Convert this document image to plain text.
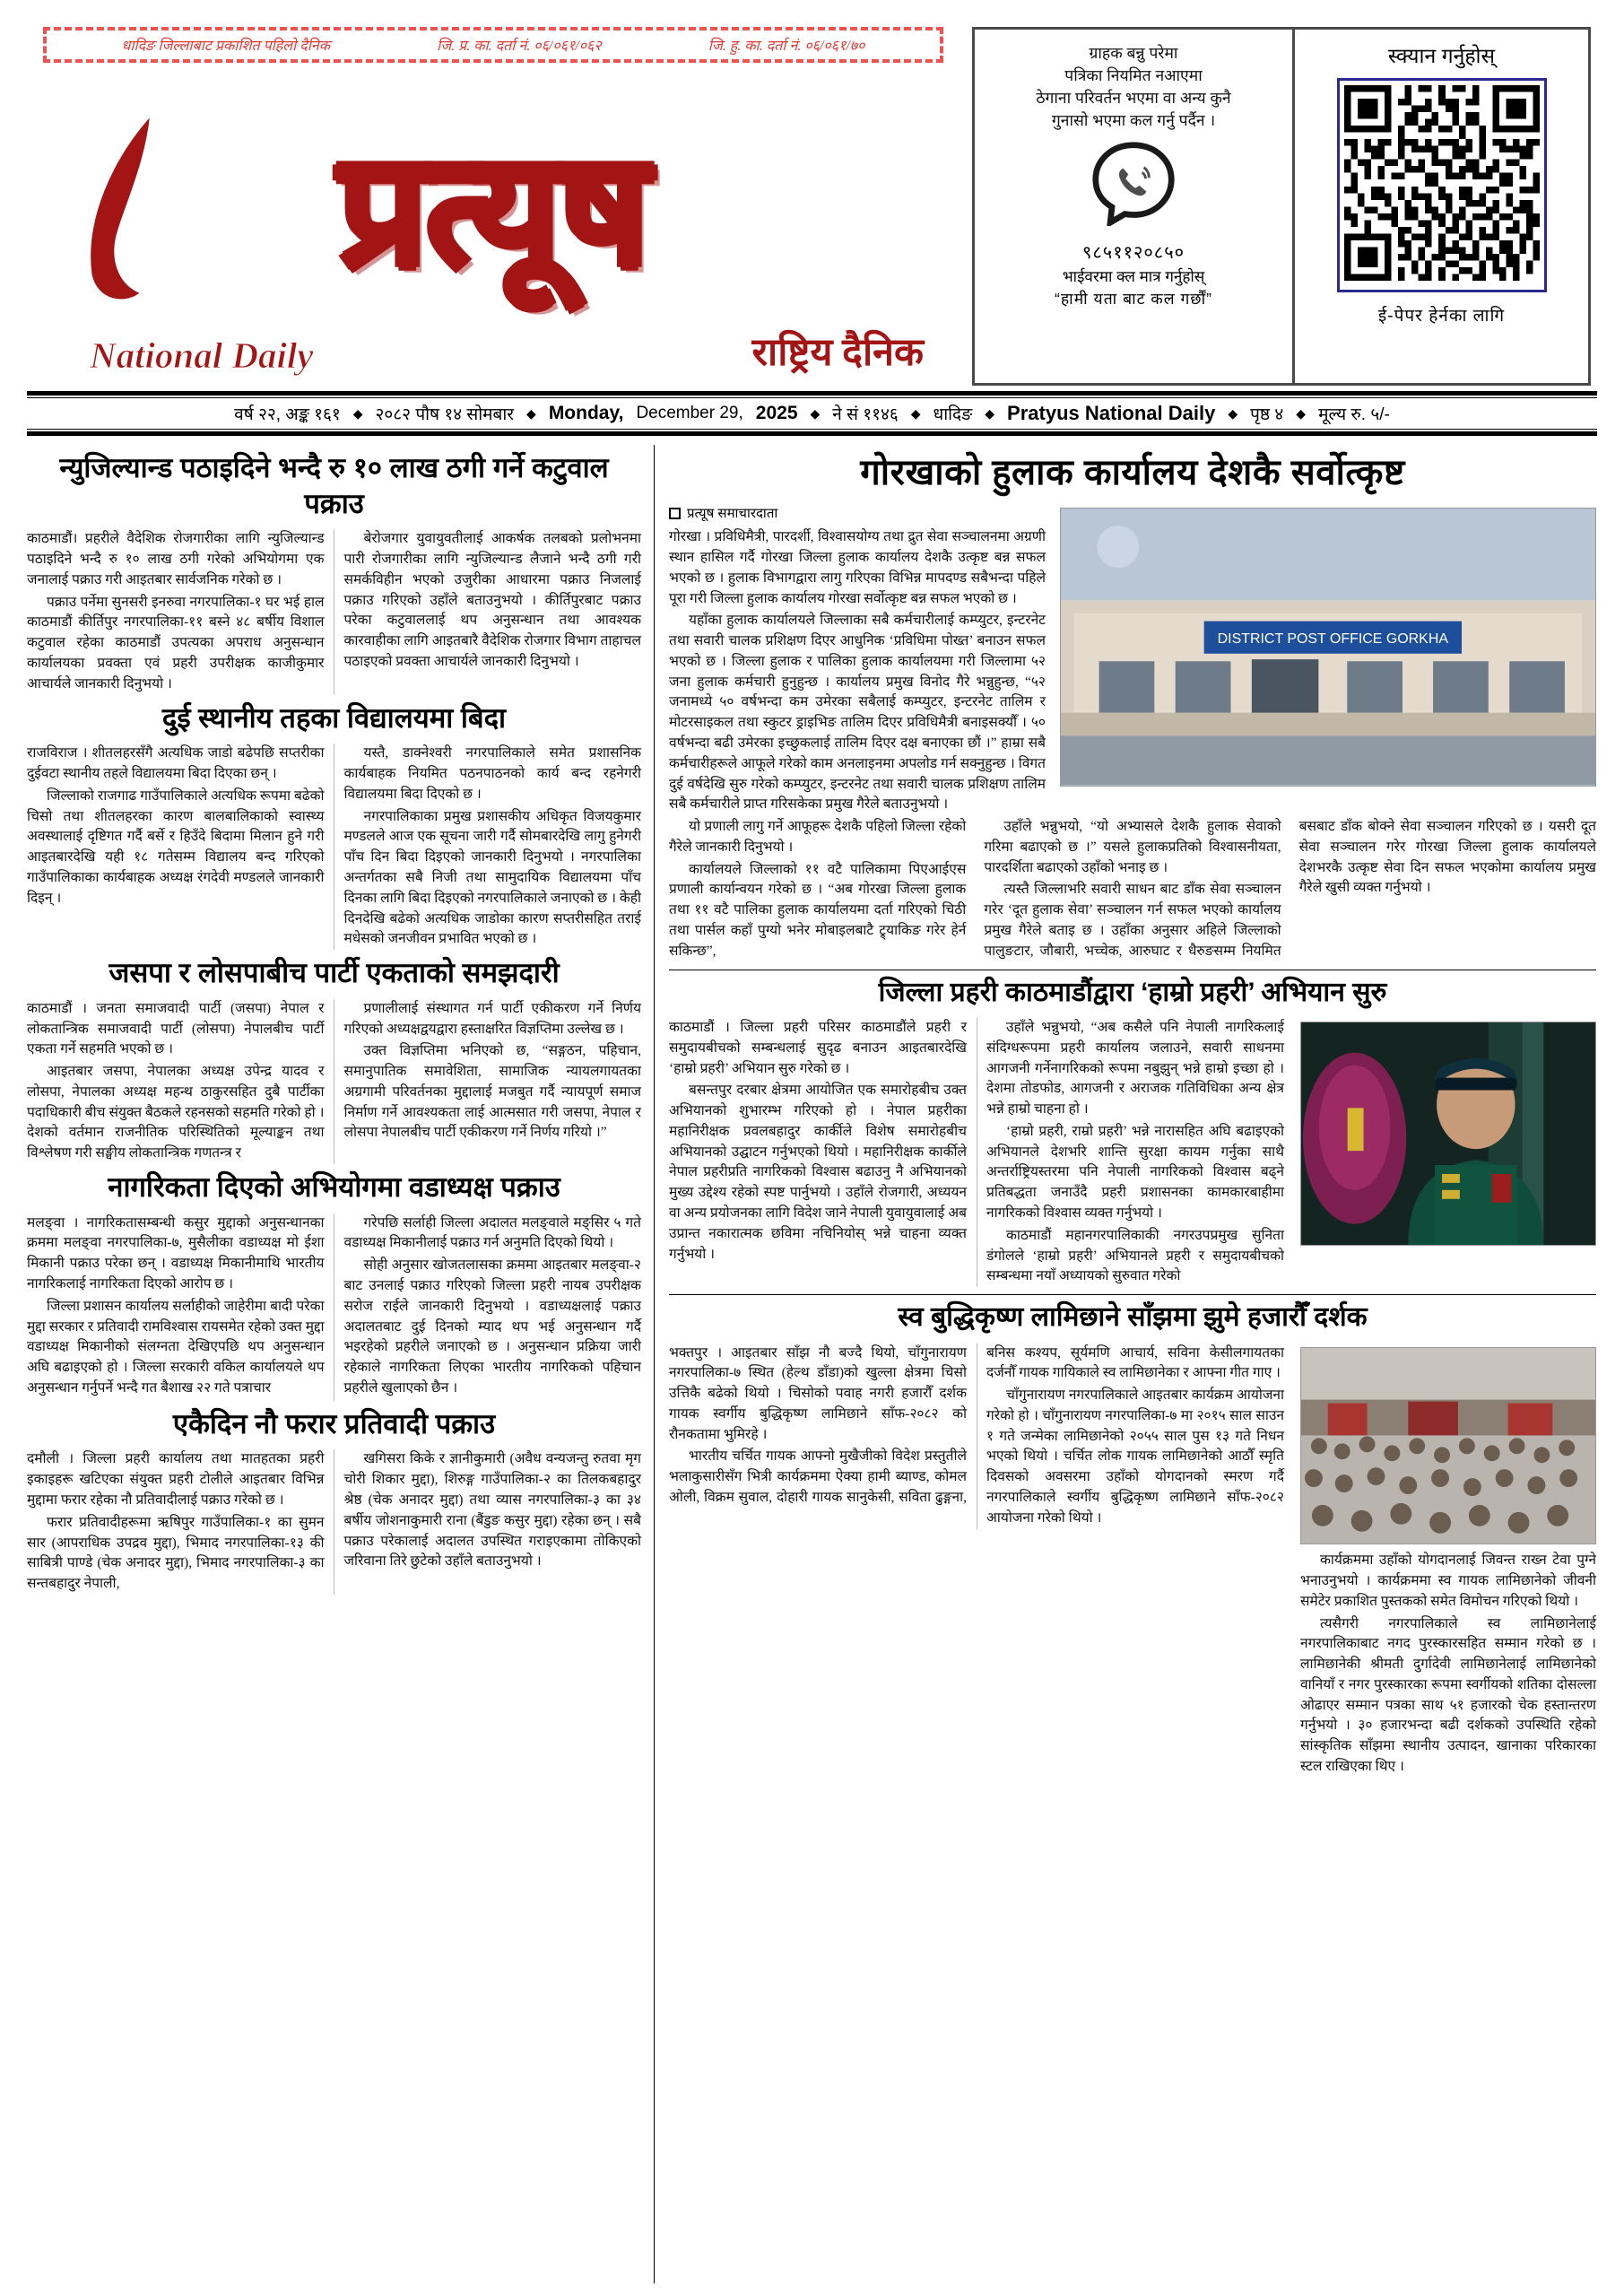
धादिङ जिल्लाबाट प्रकाशित पहिलो दैनिक	जि. प्र. का. दर्ता नं. ०६/०६१/०६२	जि. हु. का. दर्ता नं. ०६/०६१/७०
प्रत्यूष
National Daily	राष्ट्रिय दैनिक
ग्राहक बन्नु परेमा
पत्रिका नियमित नआएमा
ठेगाना परिवर्तन भएमा वा अन्य कुनै
गुनासो भएमा कल गर्नु पर्दैन ।
९८५११२०८५०
भाईवरमा क्ल मात्र गर्नुहोस्
“हामी यता बाट कल गर्छौं”
स्क्यान गर्नुहोस्
ई-पेपर हेर्नका लागि
वर्ष २२, अङ्क १६१ ◆ २०८२ पौष १४ सोमबार ◆ Monday, December 29, 2025 ◆ ने सं ११४६ ◆ धादिङ ◆ Pratyus National Daily ◆ पृष्ठ ४ ◆ मूल्य रु. ५/-
न्युजिल्यान्ड पठाइदिने भन्दै रु १० लाख ठगी गर्ने कटुवाल पक्राउ

काठमाडौं। प्रहरीले वैदेशिक रोजगारीका लागि न्युजिल्यान्ड पठाइदिने भन्दै रु १० लाख ठगी गरेको अभियोगमा एक जनालाई पक्राउ गरी आइतबार सार्वजनिक गरेको छ ।

पक्राउ पर्नेमा सुनसरी इनरुवा नगरपालिका-१ घर भई हाल काठमाडौं कीर्तिपुर नगरपालिका-११ बस्ने ४८ बर्षीय विशाल कटुवाल रहेका काठमाडौं उपत्यका अपराध अनुसन्धान कार्यालयका प्रवक्ता एवं प्रहरी उपरीक्षक काजीकुमार आचार्यले जानकारी दिनुभयो ।

बेरोजगार युवायुवतीलाई आकर्षक तलबको प्रलोभनमा पारी रोजगारीका लागि न्युजिल्यान्ड लैजाने भन्दै ठगी गरी समर्कविहीन भएको उजुरीका आधारमा पक्राउ निजलाई पक्राउ गरिएको उहाँले बताउनुभयो । कीर्तिपुरबाट पक्राउ परेका कटुवाललाई थप अनुसन्धान तथा आवश्यक कारवाहीका लागि आइतबारै वैदेशिक रोजगार विभाग ताहाचल पठाइएको प्रवक्ता आचार्यले जानकारी दिनुभयो ।

दुई स्थानीय तहका विद्यालयमा बिदा

राजविराज । शीतलहरसँगै अत्यधिक जाडो बढेपछि सप्तरीका दुईवटा स्थानीय तहले विद्यालयमा बिदा दिएका छन् ।

जिल्लाको राजगाढ गाउँपालिकाले अत्यधिक रूपमा बढेको चिसो तथा शीतलहरका कारण बालबालिकाको स्वास्थ्य अवस्थालाई दृष्टिगत गर्दै बर्से र हिउँदे बिदामा मिलान हुने गरी आइतबारदेखि यही १८ गतेसम्म विद्यालय बन्द गरिएको गाउँपालिकाका कार्यबाहक अध्यक्ष रंगदेवी मण्डलले जानकारी दिइन् ।

यस्तै, डाक्नेश्वरी नगरपालिकाले समेत प्रशासनिक कार्यबाहक नियमित पठनपाठनको कार्य बन्द रहनेगरी विद्यालयमा बिदा दिएको छ ।

नगरपालिकाका प्रमुख प्रशासकीय अधिकृत विजयकुमार मण्डलले आज एक सूचना जारी गर्दै सोमबारदेखि लागु हुनेगरी पाँच दिन बिदा दिइएको जानकारी दिनुभयो । नगरपालिका अन्तर्गतका सबै निजी तथा सामुदायिक विद्यालयमा पाँच दिनका लागि बिदा दिइएको नगरपालिकाले जनाएको छ । केही दिनदेखि बढेको अत्यधिक जाडोका कारण सप्तरीसहित तराई मधेसको जनजीवन प्रभावित भएको छ ।

जसपा र लोसपाबीच पार्टी एकताको समझदारी

काठमाडौं । जनता समाजवादी पार्टी (जसपा) नेपाल र लोकतान्त्रिक समाजवादी पार्टी (लोसपा) नेपालबीच पार्टी एकता गर्ने सहमति भएको छ ।

आइतबार जसपा, नेपालका अध्यक्ष उपेन्द्र यादव र लोसपा, नेपालका अध्यक्ष महन्थ ठाकुरसहित दुबै पार्टीका पदाधिकारी बीच संयुक्त बैठकले रहनसको सहमति गरेको हो । देशको वर्तमान राजनीतिक परिस्थितिको मूल्याङ्कन तथा विश्लेषण गरी सङ्घीय लोकतान्त्रिक गणतन्त्र र

प्रणालीलाई संस्थागत गर्न पार्टी एकीकरण गर्ने निर्णय गरिएको अध्यक्षद्वयद्वारा हस्ताक्षरित विज्ञप्तिमा उल्लेख छ ।

उक्त विज्ञप्तिमा भनिएको छ, “सङ्गठन, पहिचान, समानुपातिक समावेशिता, सामाजिक न्यायलगायतका अग्रगामी परिवर्तनका मुद्दालाई मजबुत गर्दै न्यायपूर्ण समाज निर्माण गर्ने आवश्यकता लाई आत्मसात गरी जसपा, नेपाल र लोसपा नेपालबीच पार्टी एकीकरण गर्ने निर्णय गरियो ।”

नागरिकता दिएको अभियोगमा वडाध्यक्ष पक्राउ

मलङ्वा । नागरिकतासम्बन्धी कसुर मुद्दाको अनुसन्धानका क्रममा मलङ्वा नगरपालिका-७, मुसैलीका वडाध्यक्ष मो ईशा मिकानी पक्राउ परेका छन् । वडाध्यक्ष मिकानीमाथि भारतीय नागरिकलाई नागरिकता दिएको आरोप छ ।

जिल्ला प्रशासन कार्यालय सर्लाहीको जाहेरीमा बादी परेका मुद्दा सरकार र प्रतिवादी रामविश्वास रायसमेत रहेको उक्त मुद्दा वडाध्यक्ष मिकानीको संलग्नता देखिएपछि थप अनुसन्धान अघि बढाइएको हो । जिल्ला सरकारी वकिल कार्यालयले थप अनुसन्धान गर्नुपर्ने भन्दै गत बैशाख २२ गते पत्राचार

गरेपछि सर्लाही जिल्ला अदालत मलङ्वाले मङ्सिर ५ गते वडाध्यक्ष मिकानीलाई पक्राउ गर्न अनुमति दिएको थियो ।

सोही अनुसार खोजतलासका क्रममा आइतबार मलङ्वा-२ बाट उनलाई पक्राउ गरिएको जिल्ला प्रहरी नायब उपरीक्षक सरोज राईले जानकारी दिनुभयो । वडाध्यक्षलाई पक्राउ अदालतबाट दुई दिनको म्याद थप भई अनुसन्धान गर्दै भइरहेको प्रहरीले जनाएको छ । अनुसन्धान प्रक्रिया जारी रहेकाले नागरिकता लिएका भारतीय नागरिकको पहिचान प्रहरीले खुलाएको छैन ।

एकैदिन नौ फरार प्रतिवादी पक्राउ

दमौली । जिल्ला प्रहरी कार्यालय तथा मातहतका प्रहरी इकाइहरू खटिएका संयुक्त प्रहरी टोलीले आइतबार विभिन्न मुद्दामा फरार रहेका नौ प्रतिवादीलाई पक्राउ गरेको छ ।

फरार प्रतिवादीहरूमा ऋषिपुर गाउँपालिका-१ का सुमन सार (आपराधिक उपद्रव मुद्दा), भिमाद नगरपालिका-१३ की साबित्री पाण्डे (चेक अनादर मुद्दा), भिमाद नगरपालिका-३ का सन्तबहादुर नेपाली,

खगिसरा किके र ज्ञानीकुमारी (अवैध वन्यजन्तु रुतवा मृग चोरी शिकार मुद्दा), शिरुङ्ग गाउँपालिका-२ का तिलकबहादुर श्रेष्ठ (चेक अनादर मुद्दा) तथा व्यास नगरपालिका-३ का ३४ बर्षीय जोशनाकुमारी राना (बैंडुङ कसुर मुद्दा) रहेका छन् । सबै पक्राउ परेकालाई अदालत उपस्थित गराइएकामा तोकिएको जरिवाना तिरे छुटेको उहाँले बताउनुभयो ।

गोरखाको हुलाक कार्यालय देशकै सर्वोत्कृष्ट
प्रत्यूष समाचारदाता

गोरखा । प्रविधिमैत्री, पारदर्शी, विश्वासयोग्य तथा द्रुत सेवा सञ्चालनमा अग्रणी स्थान हासिल गर्दै गोरखा जिल्ला हुलाक कार्यालय देशकै उत्कृष्ट बन्न सफल भएको छ । हुलाक विभागद्वारा लागु गरिएका विभिन्न मापदण्ड सबैभन्दा पहिले पूरा गरी जिल्ला हुलाक कार्यालय गोरखा सर्वोत्कृष्ट बन्न सफल भएको छ ।

यहाँका हुलाक कार्यालयले जिल्लाका सबै कर्मचारीलाई कम्प्युटर, इन्टरनेट तथा सवारी चालक प्रशिक्षण दिएर आधुनिक ‘प्रविधिमा पोख्त’ बनाउन सफल भएको छ । जिल्ला हुलाक र पालिका हुलाक कार्यालयमा गरी जिल्लामा ५२ जना हुलाक कर्मचारी हुनुहुन्छ । कार्यालय प्रमुख विनोद गैरे भन्नुहुन्छ, “५२ जनामध्ये ५० वर्षभन्दा कम उमेरका सबैलाई कम्प्युटर, इन्टरनेट तालिम र मोटरसाइकल तथा स्कुटर ड्राइभिङ तालिम दिएर प्रविधिमैत्री बनाइसक्यौँ । ५० वर्षभन्दा बढी उमेरका इच्छुकलाई तालिम दिएर दक्ष बनाएका छौं ।” हाम्रा सबै कर्मचारीहरूले आफूले गरेको काम अनलाइनमा अपलोड गर्न सक्नुहुन्छ । विगत दुई वर्षदेखि सुरु गरेको कम्प्युटर, इन्टरनेट तथा सवारी चालक प्रशिक्षण तालिम सबै कर्मचारीले प्राप्त गरिसकेका प्रमुख गैरेले बताउनुभयो ।

DISTRICT POST OFFICE GORKHA

यो प्रणाली लागु गर्ने आफूहरू देशकै पहिलो जिल्ला रहेको गैरेले जानकारी दिनुभयो ।

कार्यालयले जिल्लाको ११ वटै पालिकामा पिएआईएस प्रणाली कार्यान्वयन गरेको छ । “अब गोरखा जिल्ला हुलाक तथा ११ वटै पालिका हुलाक कार्यालयमा दर्ता गरिएको चिठी तथा पार्सल कहाँ पुग्यो भनेर मोबाइलबाटै ट्र्याकिङ गरेर हेर्न सकिन्छ”,

उहाँले भन्नुभयो, “यो अभ्यासले देशकै हुलाक सेवाको गरिमा बढाएको छ ।” यसले हुलाकप्रतिको विश्वासनीयता, पारदर्शिता बढाएको उहाँको भनाइ छ ।

त्यस्तै जिल्लाभरि सवारी साधन बाट डाँक सेवा सञ्चालन गरेर ‘दूत हुलाक सेवा’ सञ्चालन गर्न सफल भएको कार्यालय प्रमुख गैरेले बताइ छ । उहाँका अनुसार अहिले जिल्लाको पालुङटार, जौबारी, भच्चेक, आरुघाट र धैरुङसम्म नियमित बसबाट डाँक बोक्ने सेवा सञ्चालन गरिएको छ । यसरी दूत सेवा सञ्चालन गरेर गोरखा जिल्ला हुलाक कार्यालयले देशभरकै उत्कृष्ट सेवा दिन सफल भएकोमा कार्यालय प्रमुख गैरेले खुसी व्यक्त गर्नुभयो ।

जिल्ला प्रहरी काठमाडौंद्वारा ‘हाम्रो प्रहरी’ अभियान सुरु

काठमाडौं । जिल्ला प्रहरी परिसर काठमाडौंले प्रहरी र समुदायबीचको सम्बन्धलाई सुदृढ बनाउन आइतबारदेखि ‘हाम्रो प्रहरी’ अभियान सुरु गरेको छ ।

बसन्तपुर दरबार क्षेत्रमा आयोजित एक समारोहबीच उक्त अभियानको शुभारम्भ गरिएको हो । नेपाल प्रहरीका महानिरीक्षक प्रवलबहादुर कार्कीले विशेष समारोहबीच अभियानको उद्घाटन गर्नुभएको थियो । महानिरीक्षक कार्कीले नेपाल प्रहरीप्रति नागरिकको विश्वास बढाउनु नै अभियानको मुख्य उद्देश्य रहेको स्पष्ट पार्नुभयो । उहाँले रोजगारी, अध्ययन वा अन्य प्रयोजनका लागि विदेश जाने नेपाली युवायुवालाई अब उप्रान्त नकारात्मक छविमा नचिनियोस् भन्ने चाहना व्यक्त गर्नुभयो ।

उहाँले भन्नुभयो, “अब कसैले पनि नेपाली नागरिकलाई संदिग्धरूपमा प्रहरी कार्यालय जलाउने, सवारी साधनमा आगजनी गर्नेनागरिकको रूपमा नबुझुन् भन्ने हाम्रो इच्छा हो । देशमा तोडफोड, आगजनी र अराजक गतिविधिका अन्य क्षेत्र भन्ने हाम्रो चाहना हो ।

‘हाम्रो प्रहरी, राम्रो प्रहरी’ भन्ने नारासहित अघि बढाइएको अभियानले देशभरि शान्ति सुरक्षा कायम गर्नुका साथै अन्तर्राष्ट्रियस्तरमा पनि नेपाली नागरिकको विश्वास बढ्ने प्रतिबद्धता जनाउँदै प्रहरी प्रशासनका कामकारबाहीमा नागरिकको विश्वास व्यक्त गर्नुभयो ।

काठमाडौं महानगरपालिकाकी नगरउपप्रमुख सुनिता डंगोलले ‘हाम्रो प्रहरी’ अभियानले प्रहरी र समुदायबीचको सम्बन्धमा नयाँ अध्यायको सुरुवात गरेको

स्व बुद्धिकृष्ण लामिछाने साँझमा झुमे हजारौँ दर्शक

भक्तपुर । आइतबार साँझ नौ बज्दै थियो, चाँगुनारायण नगरपालिका-७ स्थित (हेल्थ डाँडा)को खुल्ला क्षेत्रमा चिसो उत्तिकै बढेको थियो । चिसोको पवाह नगरी हजारौँ दर्शक गायक स्वर्गीय बुद्धिकृष्ण लामिछाने साँफ-२०८२ को रौनकतामा भुमिरहे ।

भारतीय चर्चित गायक आफ्नो मुखैजीको विदेश प्रस्तुतीले भलाकुसारीसँग भित्री कार्यक्रममा ऐक्या हामी ब्याण्ड, कोमल ओली, विक्रम सुवाल, दोहारी गायक सानुकेसी, सविता ढुङ्गना, बनिस कश्यप, सूर्यमणि आचार्य, सविना केसीलगायतका दर्जनौँ गायक गायिकाले स्व लामिछानेका र आफ्ना गीत गाए ।

चाँगुनारायण नगरपालिकाले आइतबार कार्यक्रम आयोजना गरेको हो । चाँगुनारायण नगरपालिका-७ मा २०१५ साल साउन १ गते जन्मेका लामिछानेको २०५५ साल पुस १३ गते निधन भएको थियो । चर्चित लोक गायक लामिछानेको आठौँ स्मृति दिवसको अवसरमा उहाँको योगदानको स्मरण गर्दै नगरपालिकाले स्वर्गीय बुद्धिकृष्ण लामिछाने साँफ-२०८२ आयोजना गरेको थियो ।

कार्यक्रममा उहाँको योगदानलाई जिवन्त राख्न टेवा पुग्ने भनाउनुभयो । कार्यक्रममा स्व गायक लामिछानेको जीवनी समेटेर प्रकाशित पुस्तकको समेत विमोचन गरिएको थियो ।

त्यसैगरी नगरपालिकाले स्व लामिछानेलाई नगरपालिकाबाट नगद पुरस्कारसहित सम्मान गरेको छ । लामिछानेकी श्रीमती दुर्गादेवी लामिछानेलाई लामिछानेको वानियाँ र नगर पुरस्कारका रूपमा स्वर्गीयको शतिका दोसल्ला ओढाएर सम्मान पत्रका साथ ५१ हजारको चेक हस्तान्तरण गर्नुभयो । ३० हजारभन्दा बढी दर्शकको उपस्थिति रहेको सांस्कृतिक साँझमा स्थानीय उत्पादन, खानाका परिकारका स्टल राखिएका थिए ।
